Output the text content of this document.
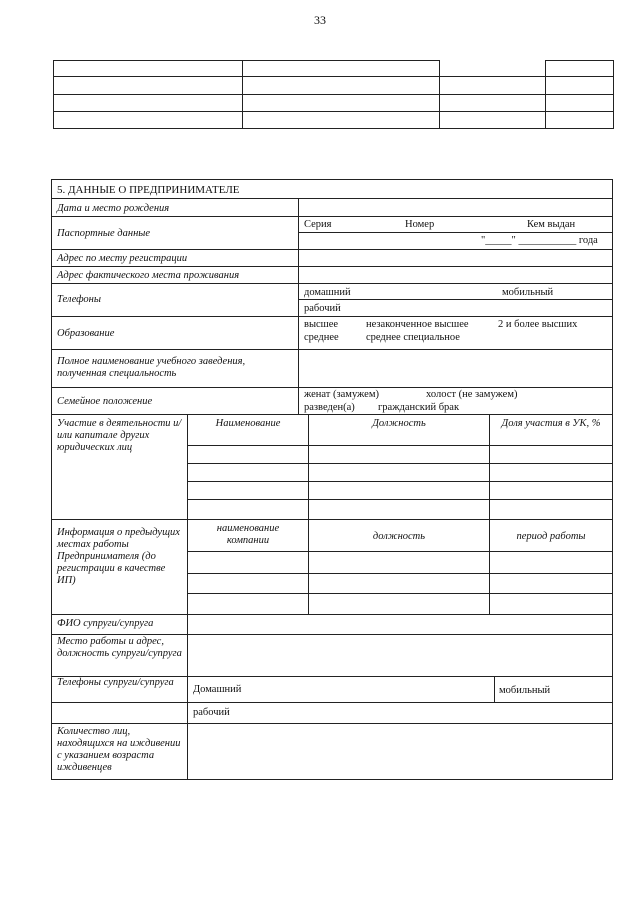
33
5. ДАННЫЕ О ПРЕДПРИНИМАТЕЛЕ
Дата и место рождения
Паспортные данные
Серия	Номер	Кем выдан
"_____" ___________ года
Адрес по месту регистрации
Адрес фактического места проживания
Телефоны
домашний	мобильный
рабочий
Образование
высшее	незаконченное высшее	2 и более высших
среднее	среднее специальное
Полное наименование учебного заведения, полученная специальность
Семейное положение
женат (замужем)	холост (не замужем)
разведен(а) гражданский брак
Участие в деятельности и/или капитале других юридических лиц
Наименование	Должность	Доля участия в УК, %
Информация о предыдущих местах работы Предпринимателя (до регистрации в качестве ИП)
наименование компании	должность	период работы
ФИО супруги/супруга
Место работы и адрес, должность супруги/супруга
Телефоны супруги/супруга
Домашний	мобильный
рабочий
Количество лиц, находящихся на иждивении с указанием возраста иждивенцев
